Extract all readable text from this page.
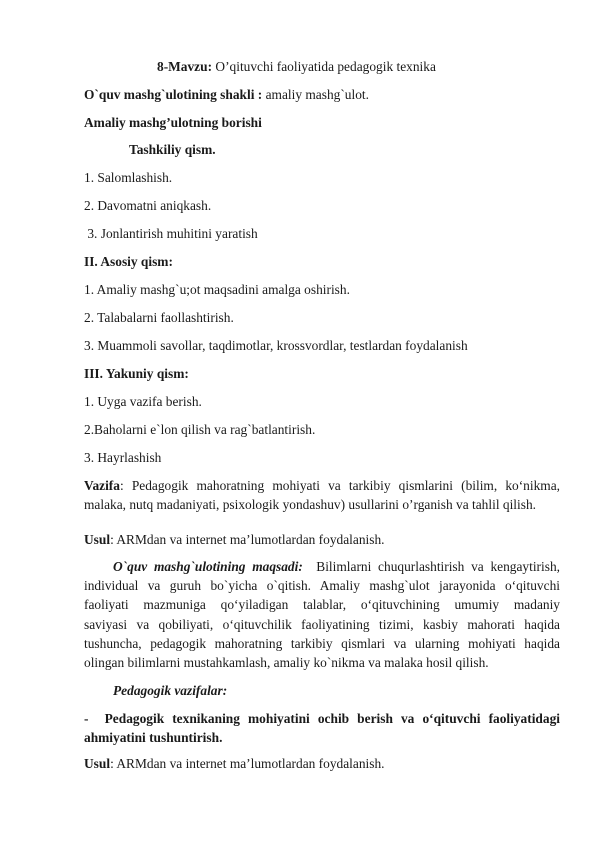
8-Mavzu: O’qituvchi faoliyatida pedagogik texnika
O`quv mashg`ulotining shakli : amaliy mashg`ulot.
Amaliy mashg’ulotning borishi
Tashkiliy qism.
1. Salomlashish.
2. Davomatni aniqkash.
3. Jonlantirish muhitini yaratish
II. Asosiy qism:
1. Amaliy mashg`u;ot maqsadini amalga oshirish.
2. Talabalarni faollashtirish.
3. Muammoli savollar, taqdimotlar, krossvordlar, testlardan foydalanish
III. Yakuniy qism:
1. Uyga vazifa berish.
2.Baholarni e`lon qilish va rag`batlantirish.
3. Hayrlashish
Vazifa: Pedagogik mahoratning mohiyati va tarkibiy qismlarini (bilim, ko‘nikma,
malaka, nutq madaniyati, psixologik yondashuv) usullarini o’rganish va tahlil qilish.
Usul: ARMdan va internet ma’lumotlardan foydalanish.
O`quv mashg`ulotining maqsadi:  Bilimlarni chuqurlashtirish va kengaytirish,
individual va guruh bo`yicha o`qitish. Amaliy mashg`ulot jarayonida o‘qituvchi
faoliyati mazmuniga qo‘yiladigan talablar, o‘qituvchining umumiy madaniy
saviyasi va qobiliyati, o‘qituvchilik faoliyatining tizimi, kasbiy mahorati haqida
tushuncha, pedagogik mahoratning tarkibiy qismlari va ularning mohiyati haqida
olingan bilimlarni mustahkamlash, amaliy ko`nikma va malaka hosil qilish.
Pedagogik vazifalar:
-  Pedagogik texnikaning mohiyatini ochib berish va o‘qituvchi faoliyatidagi
ahmiyatini tushuntirish.
Usul: ARMdan va internet ma’lumotlardan foydalanish.
